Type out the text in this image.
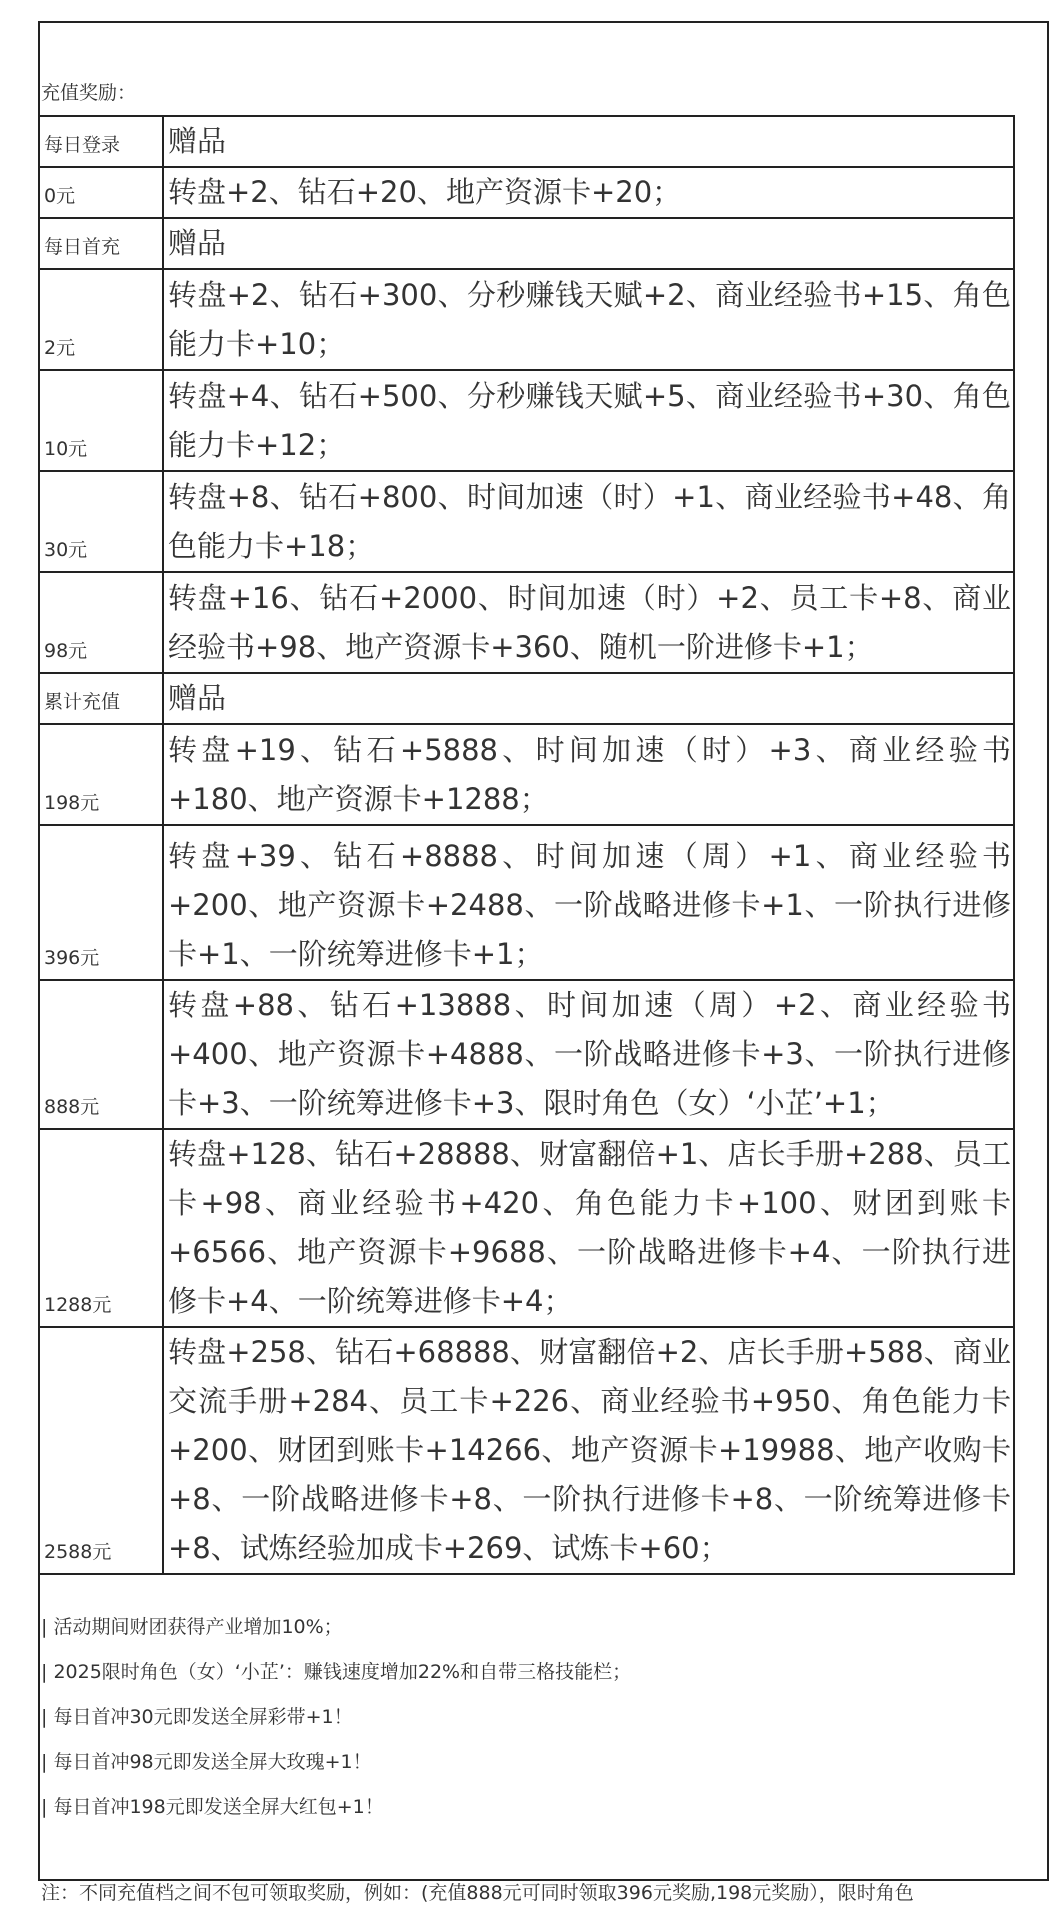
充值奖励：
每日登录	赠品
0元	转盘+2、钻石+20、地产资源卡+20；
每日首充	赠品
2元	转盘+2、钻石+300、分秒赚钱天赋+2、商业经验书+15、角色能力卡+10；
10元	转盘+4、钻石+500、分秒赚钱天赋+5、商业经验书+30、角色能力卡+12；
30元	转盘+8、钻石+800、时间加速（时）+1、商业经验书+48、角色能力卡+18；
98元	转盘+16、钻石+2000、时间加速（时）+2、员工卡+8、商业经验书+98、地产资源卡+360、随机一阶进修卡+1；
累计充值	赠品
198元	转盘+19、钻石+5888、时间加速（时）+3、商业经验书+180、地产资源卡+1288；
396元	转盘+39、钻石+8888、时间加速（周）+1、商业经验书+200、地产资源卡+2488、一阶战略进修卡+1、一阶执行进修卡+1、一阶统筹进修卡+1；
888元	转盘+88、钻石+13888、时间加速（周）+2、商业经验书+400、地产资源卡+4888、一阶战略进修卡+3、一阶执行进修卡+3、一阶统筹进修卡+3、限时角色（女）‘小芷’+1；
1288元	转盘+128、钻石+28888、财富翻倍+1、店长手册+288、员工卡+98、商业经验书+420、角色能力卡+100、财团到账卡+6566、地产资源卡+9688、一阶战略进修卡+4、一阶执行进修卡+4、一阶统筹进修卡+4；
2588元	转盘+258、钻石+68888、财富翻倍+2、店长手册+588、商业交流手册+284、员工卡+226、商业经验书+950、角色能力卡+200、财团到账卡+14266、地产资源卡+19988、地产收购卡+8、一阶战略进修卡+8、一阶执行进修卡+8、一阶统筹进修卡+8、试炼经验加成卡+269、试炼卡+60；
| 活动期间财团获得产业增加10%；
| 2025限时角色（女）‘小芷’：赚钱速度增加22%和自带三格技能栏；
| 每日首冲30元即发送全屏彩带+1！
| 每日首冲98元即发送全屏大玫瑰+1！
| 每日首冲198元即发送全屏大红包+1！
注：不同充值档之间不包可领取奖励，例如：(充值888元可同时领取396元奖励,198元奖励），限时角色
